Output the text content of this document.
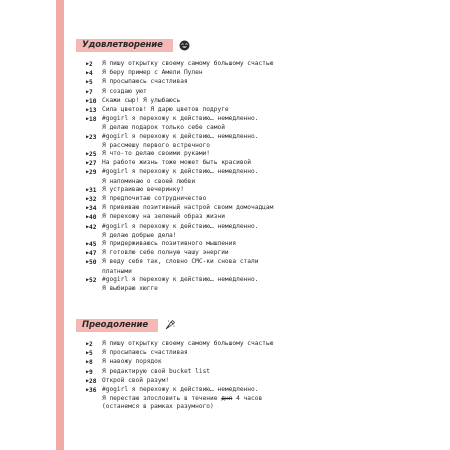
Удовлетворение
▶2	Я пишу открытку своему самому большому счастью
▶4	Я беру пример с Амели Пулен
▶5	Я просыпаюсь счастливая
▶7	Я создаю уют
▶10 Скажи сыр! Я улыбаюсь
▶13 Сила цветов! Я дарю цветов подруге
▶18 #gogirl я перехожу к действию… немедленно.
Я делаю подарок только себе самой
▶23 #gogirl я перехожу к действию… немедленно.
Я рассмешу первого встречного
▶25 Я что-то делаю своими руками!
▶27 На работе жизнь тоже может быть красивой
▶29 #gogirl я перехожу к действию… немедленно.
Я напоминаю о своей любви
▶31 Я устраиваю вечеринку!
▶32 Я предпочитаю сотрудничество
▶34 Я прививаю позитивный настрой своим домочадцам
▶40 Я перехожу на зеленый образ жизни
▶42 #gogirl я перехожу к действию… немедленно.
Я делаю добрые дела!
▶45 Я придерживаюсь позитивного мышления
▶47 Я готовлю себе полную чашу энергии
▶50 Я веду себя так, словно СМС-ки снова стали
платными
▶52 #gogirl я перехожу к действию… немедленно.
Я выбираю хюгге
Преодоление
▶2	Я пишу открытку своему самому большому счастью
▶5	Я просыпаюсь счастливая
▶8	Я навожу порядок
▶9	Я редактирую свой bucket list
▶28 Открой свой разум!
▶36 #gogirl я перехожу к действию… немедленно.
Я перестаю злословить в течение дня 4 часов
(останемся в рамках разумного)
